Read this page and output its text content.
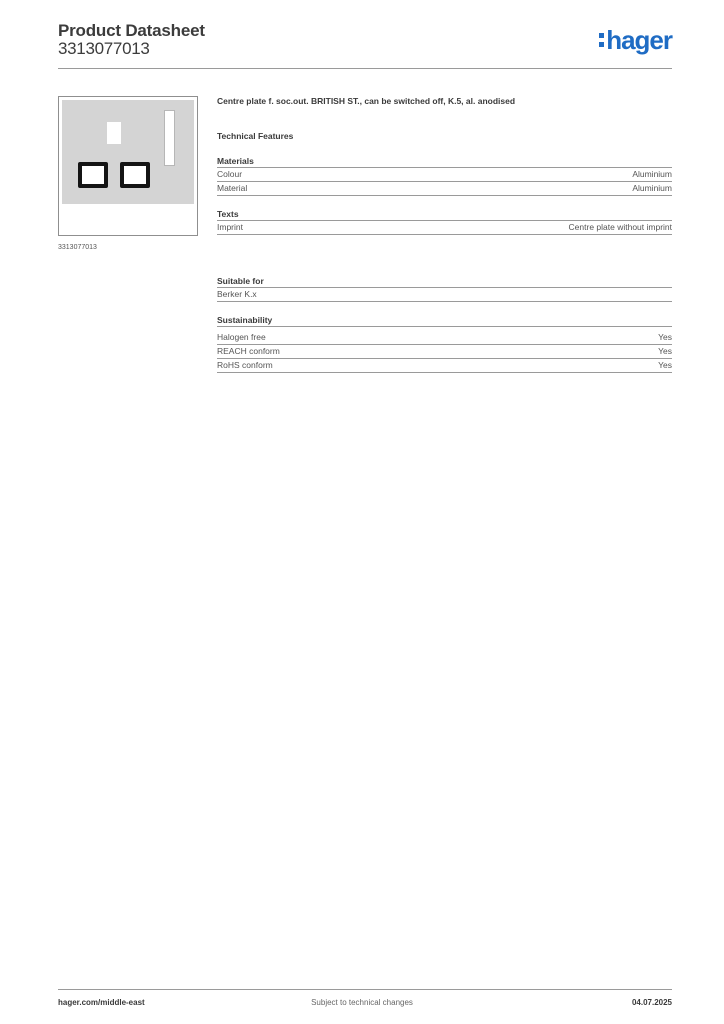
Product Datasheet
3313077013	hager
3313077013
Centre plate f. soc.out. BRITISH ST., can be switched off, K.5, al. anodised
Technical Features
Materials
Colour	Aluminium
Material	Aluminium
Texts
Imprint	Centre plate without imprint
Suitable for
Berker K.x
Sustainability
Halogen free	Yes
REACH conform	Yes
RoHS conform	Yes
hager.com/middle-east	Subject to technical changes	04.07.2025
